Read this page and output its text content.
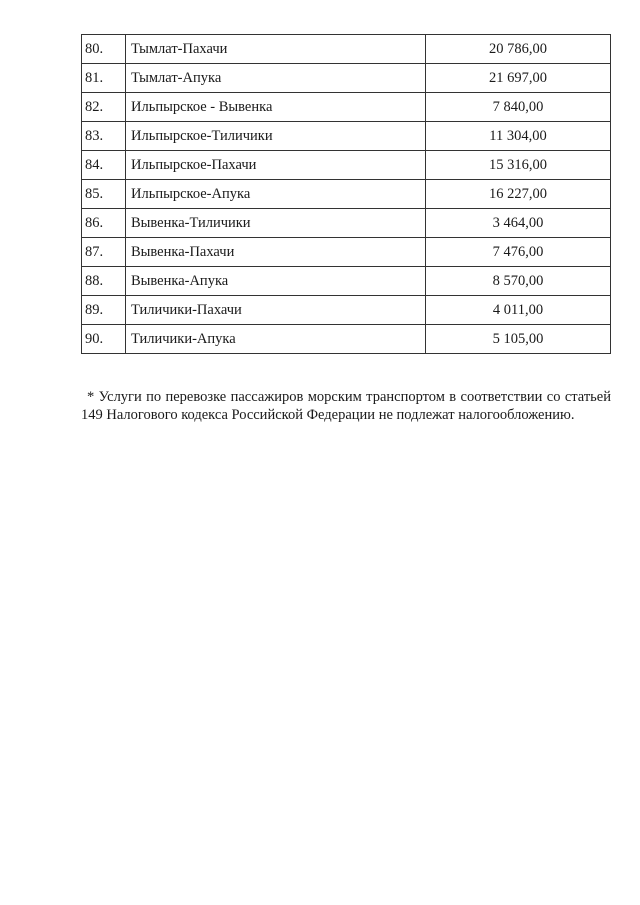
80.	Тымлат-Пахачи	20 786,00
81.	Тымлат-Апука	21 697,00
82.	Ильпырское - Вывенка	7 840,00
83.	Ильпырское-Тиличики	11 304,00
84.	Ильпырское-Пахачи	15 316,00
85.	Ильпырское-Апука	16 227,00
86.	Вывенка-Тиличики	3 464,00
87.	Вывенка-Пахачи	7 476,00
88.	Вывенка-Апука	8 570,00
89.	Тиличики-Пахачи	4 011,00
90.	Тиличики-Апука	5 105,00

* Услуги по перевозке пассажиров морским транспортом в соответствии со статьей 149 Налогового кодекса Российской Федерации не подлежат налогообложению.
